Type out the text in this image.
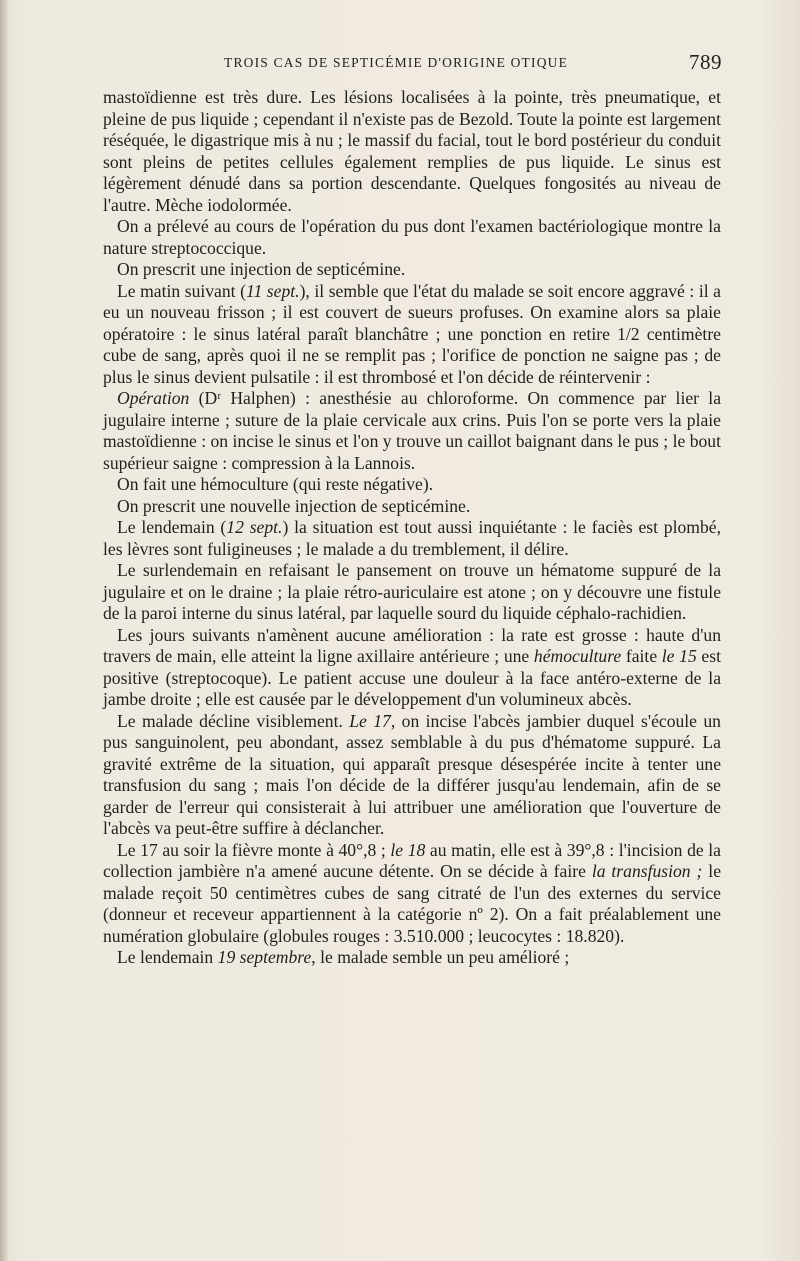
TROIS CAS DE SEPTICÉMIE D'ORIGINE OTIQUE	789

mastoïdienne est très dure. Les lésions localisées à la pointe, très pneumatique, et pleine de pus liquide ; cependant il n'existe pas de Bezold. Toute la pointe est largement réséquée, le digastrique mis à nu ; le massif du facial, tout le bord postérieur du conduit sont pleins de petites cellules également remplies de pus liquide. Le sinus est légèrement dénudé dans sa portion descendante. Quelques fongosités au niveau de l'autre. Mèche iodolormée.

On a prélevé au cours de l'opération du pus dont l'examen bactériologique montre la nature streptococcique.

On prescrit une injection de septicémine.

Le matin suivant (11 sept.), il semble que l'état du malade se soit encore aggravé : il a eu un nouveau frisson ; il est couvert de sueurs profuses. On examine alors sa plaie opératoire : le sinus latéral paraît blanchâtre ; une ponction en retire 1/2 centimètre cube de sang, après quoi il ne se remplit pas ; l'orifice de ponction ne saigne pas ; de plus le sinus devient pulsatile : il est thrombosé et l'on décide de réintervenir :

Opération (Dʳ Halphen) : anesthésie au chloroforme. On commence par lier la jugulaire interne ; suture de la plaie cervicale aux crins. Puis l'on se porte vers la plaie mastoïdienne : on incise le sinus et l'on y trouve un caillot baignant dans le pus ; le bout supérieur saigne : compression à la Lannois.

On fait une hémoculture (qui reste négative).

On prescrit une nouvelle injection de septicémine.

Le lendemain (12 sept.) la situation est tout aussi inquiétante : le faciès est plombé, les lèvres sont fuligineuses ; le malade a du tremblement, il délire.

Le surlendemain en refaisant le pansement on trouve un hématome suppuré de la jugulaire et on le draine ; la plaie rétro-auriculaire est atone ; on y découvre une fistule de la paroi interne du sinus latéral, par laquelle sourd du liquide céphalo-rachidien.

Les jours suivants n'amènent aucune amélioration : la rate est grosse : haute d'un travers de main, elle atteint la ligne axillaire antérieure ; une hémoculture faite le 15 est positive (streptocoque). Le patient accuse une douleur à la face antéro-externe de la jambe droite ; elle est causée par le développement d'un volumineux abcès.

Le malade décline visiblement. Le 17, on incise l'abcès jambier duquel s'écoule un pus sanguinolent, peu abondant, assez semblable à du pus d'hématome suppuré. La gravité extrême de la situation, qui apparaît presque désespérée incite à tenter une transfusion du sang ; mais l'on décide de la différer jusqu'au lendemain, afin de se garder de l'erreur qui consisterait à lui attribuer une amélioration que l'ouverture de l'abcès va peut-être suffire à déclancher.

Le 17 au soir la fièvre monte à 40°,8 ; le 18 au matin, elle est à 39°,8 : l'incision de la collection jambière n'a amené aucune détente. On se décide à faire la transfusion ; le malade reçoit 50 centimètres cubes de sang citraté de l'un des externes du service (donneur et receveur appartiennent à la catégorie nº 2). On a fait préalablement une numération globulaire (globules rouges : 3.510.000 ; leucocytes : 18.820).

Le lendemain 19 septembre, le malade semble un peu amélioré ;
